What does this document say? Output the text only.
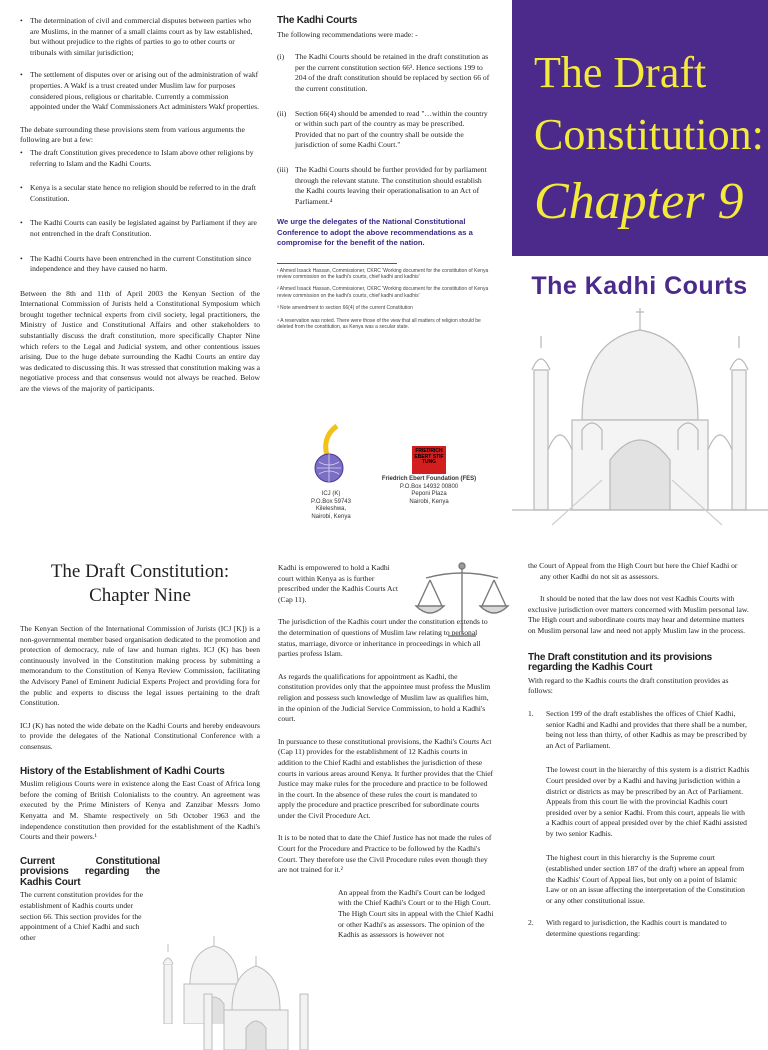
• The determination of civil and commercial disputes between parties who are Muslims, in the manner of a small claims court as by law established, but without prejudice to the rights of parties to go to other courts or tribunals with similar jurisdiction;
• The settlement of disputes over or arising out of the administration of wakf properties. A Wakf is a trust created under Muslim law for purposes considered pious, religious or charitable. Currently a commission appointed under the Wakf Commissioners Act administers Wakf properties.

The debate surrounding these provisions stem from various arguments the following are but a few:

• The draft Constitution gives precedence to Islam above other religions by referring to Islam and the Kadhi Courts.
• Kenya is a secular state hence no religion should be referred to in the draft Constitution.
• The Kadhi Courts can easily be legislated against by Parliament if they are not entrenched in the draft Constitution.
• The Kadhi Courts have been entrenched in the current Constitution since independence and they have caused no harm.

Between the 8th and 11th of April 2003 the Kenyan Section of the International Commission of Jurists held a Constitutional Symposium which brought together technical experts from civil society, legal practitioners, the Ministry of Justice and Constitutional Affairs and other stakeholders to substantially discuss the draft constitution, more specifically Chapter Nine which refers to the Legal and Judicial system, and other contentious issues arising. Due to the huge debate surrounding the Kadhi Courts an entire day was dedicated to discussing this. It was stressed that constitution making was a negotiative process and that consensus would not always be reached. Below are the views of the majority of participants.

The Kadhi Courts

The following recommendations were made: -

(i) The Kadhi Courts should be retained in the draft constitution as per the current constitution section 66³. Hence sections 199 to 204 of the draft constitution should be replaced by section 66 of the current constitution.
(ii) Section 66(4) should be amended to read "…within the country or within such part of the country as may be prescribed. Provided that no part of the country shall be outside the jurisdiction of some Kadhi Court."
(iii) The Kadhi Courts should be further provided for by parliament through the relevant statute. The constitution should establish the Kadhi courts leaving their operationalisation to an Act of Parliament.⁴
We urge the delegates of the National Constitutional Conference to adopt the above recommendations as a compromise for the benefit of the nation.
¹ Ahmed Issack Hassan, Commissioner, CKRC 'Working document for the constitution of Kenya review commission on the kadhi's courts, chief kadhi and kadhis'
² Ahmed Issack Hassan, Commissioner, CKRC 'Working document for the constitution of Kenya review commission on the kadhi's courts, chief kadhi and kadhis'
³ Note amendment to section 66(4) of the current Constitution
⁴ A reservation was noted. There were those of the view that all matters of religion should be deleted from the constitution, as Kenya was a secular state.
ICJ (K)
P.O.Box 59743
Kileleshwa,
Nairobi, Kenya
FRIEDRICH EBERT STIFTUNG
Friedrich Ebert Foundation (FES)
P.O.Box 14932 00800
Peponi Plaza
Nairobi, Kenya
The Draft
Constitution:
Chapter 9
The Kadhi Courts
The Draft Constitution:
Chapter Nine

The Kenyan Section of the International Commission of Jurists (ICJ [K]) is a non-governmental member based organisation dedicated to the promotion and protection of democracy, rule of law and human rights. ICJ (K) has been continuously involved in the Constitution making process by submitting a memorandum to the Constitution of Kenya Review Commission, facilitating the Advisory Panel of Eminent Judicial Experts Project and providing fora for the public and experts to discuss the legal issues pertaining to the draft Constitution.

ICJ (K) has noted the wide debate on the Kadhi Courts and hereby endeavours to provide the delegates of the National Constitutional Conference with a consensus.

History of the Establishment of Kadhi Courts

Muslim religious Courts were in existence along the East Coast of Africa long before the coming of British Colonialists to the country. An agreement was executed by the Prime Ministers of Kenya and Zanzibar Messrs Jomo Kenyatta and M. Shamte respectively on 5th October 1963 and the independence constitution then provided for the establishment of the Kadhi's Courts and their powers.¹

Current Constitutional provisions regarding the Kadhis Court

The current constitution provides for the establishment of Kadhis courts under section 66. This section provides for the appointment of a Chief Kadhi and such other

Kadhi is empowered to hold a Kadhi court within Kenya as is further prescribed under the Kadhis Courts Act (Cap 11).

The jurisdiction of the Kadhis court under the constitution extends to the determination of questions of Muslim law relating to personal status, marriage, divorce or inheritance in proceedings in which all parties profess Islam.

As regards the qualifications for appointment as Kadhi, the constitution provides only that the appointee must profess the Muslim religion and possess such knowledge of Muslim law as qualifies him, in the opinion of the Judicial Service Commission, to hold a Kadhi's court.

In pursuance to these constitutional provisions, the Kadhi's Courts Act (Cap 11) provides for the establishment of 12 Kadhis courts in addition to the Chief Kadhi and establishes the jurisdiction of these courts in various areas around Kenya. It further provides that the Chief Justice may make rules for the procedure and practice to be followed in the court. In the absence of these rules the court is mandated to apply the procedure and practice prescribed for subordinate courts under the Civil Procedure Act.

It is to be noted that to date the Chief Justice has not made the rules of Court for the Procedure and Practice to be followed by the Kadhi's Court. They therefore use the Civil Procedure rules even though they are not trained for it.²

An appeal from the Kadhi's Court can be lodged with the Chief Kadhi's Court or to the High Court. The High Court sits in appeal with the Chief Kadhi or other Kadhi's as assessors. The opinion of the Kadhis as assessors is however not

the Court of Appeal from the High Court but here the Chief Kadhi or any other Kadhi do not sit as assessors.

It should be noted that the law does not vest Kadhis Courts with exclusive jurisdiction over matters concerned with Muslim personal law. The High court and subordinate courts may hear and determine matters on Muslim personal law and need not apply Muslim law in the process.

The Draft constitution and its provisions regarding the Kadhis Court

With regard to the Kadhis courts the draft constitution provides as follows:

1. Section 199 of the draft establishes the offices of Chief Kadhi, senior Kadhi and Kadhi and provides that there shall be a number, being not less than thirty, of other Kadhis as may be prescribed by an Act of Parliament.

The lowest court in the hierarchy of this system is a district Kadhis Court presided over by a Kadhi and having jurisdiction within a district or districts as may be prescribed by an Act of Parliament. Appeals from this court lie with the provincial Kadhis court presided over by a senior Kadhi. From this court, appeals lie with a Kadhis court of appeal presided over by the chief Kadhi assisted by two senior Kadhis.

The highest court in this hierarchy is the Supreme court (established under section 187 of the draft) where an appeal from the Kadhis' Court of Appeal lies, but only on a point of Islamic Law or on an issue affecting the interpretation of the Constitution or any other constitutional issue.

2. With regard to jurisdiction, the Kadhis court is mandated to determine questions regarding:
